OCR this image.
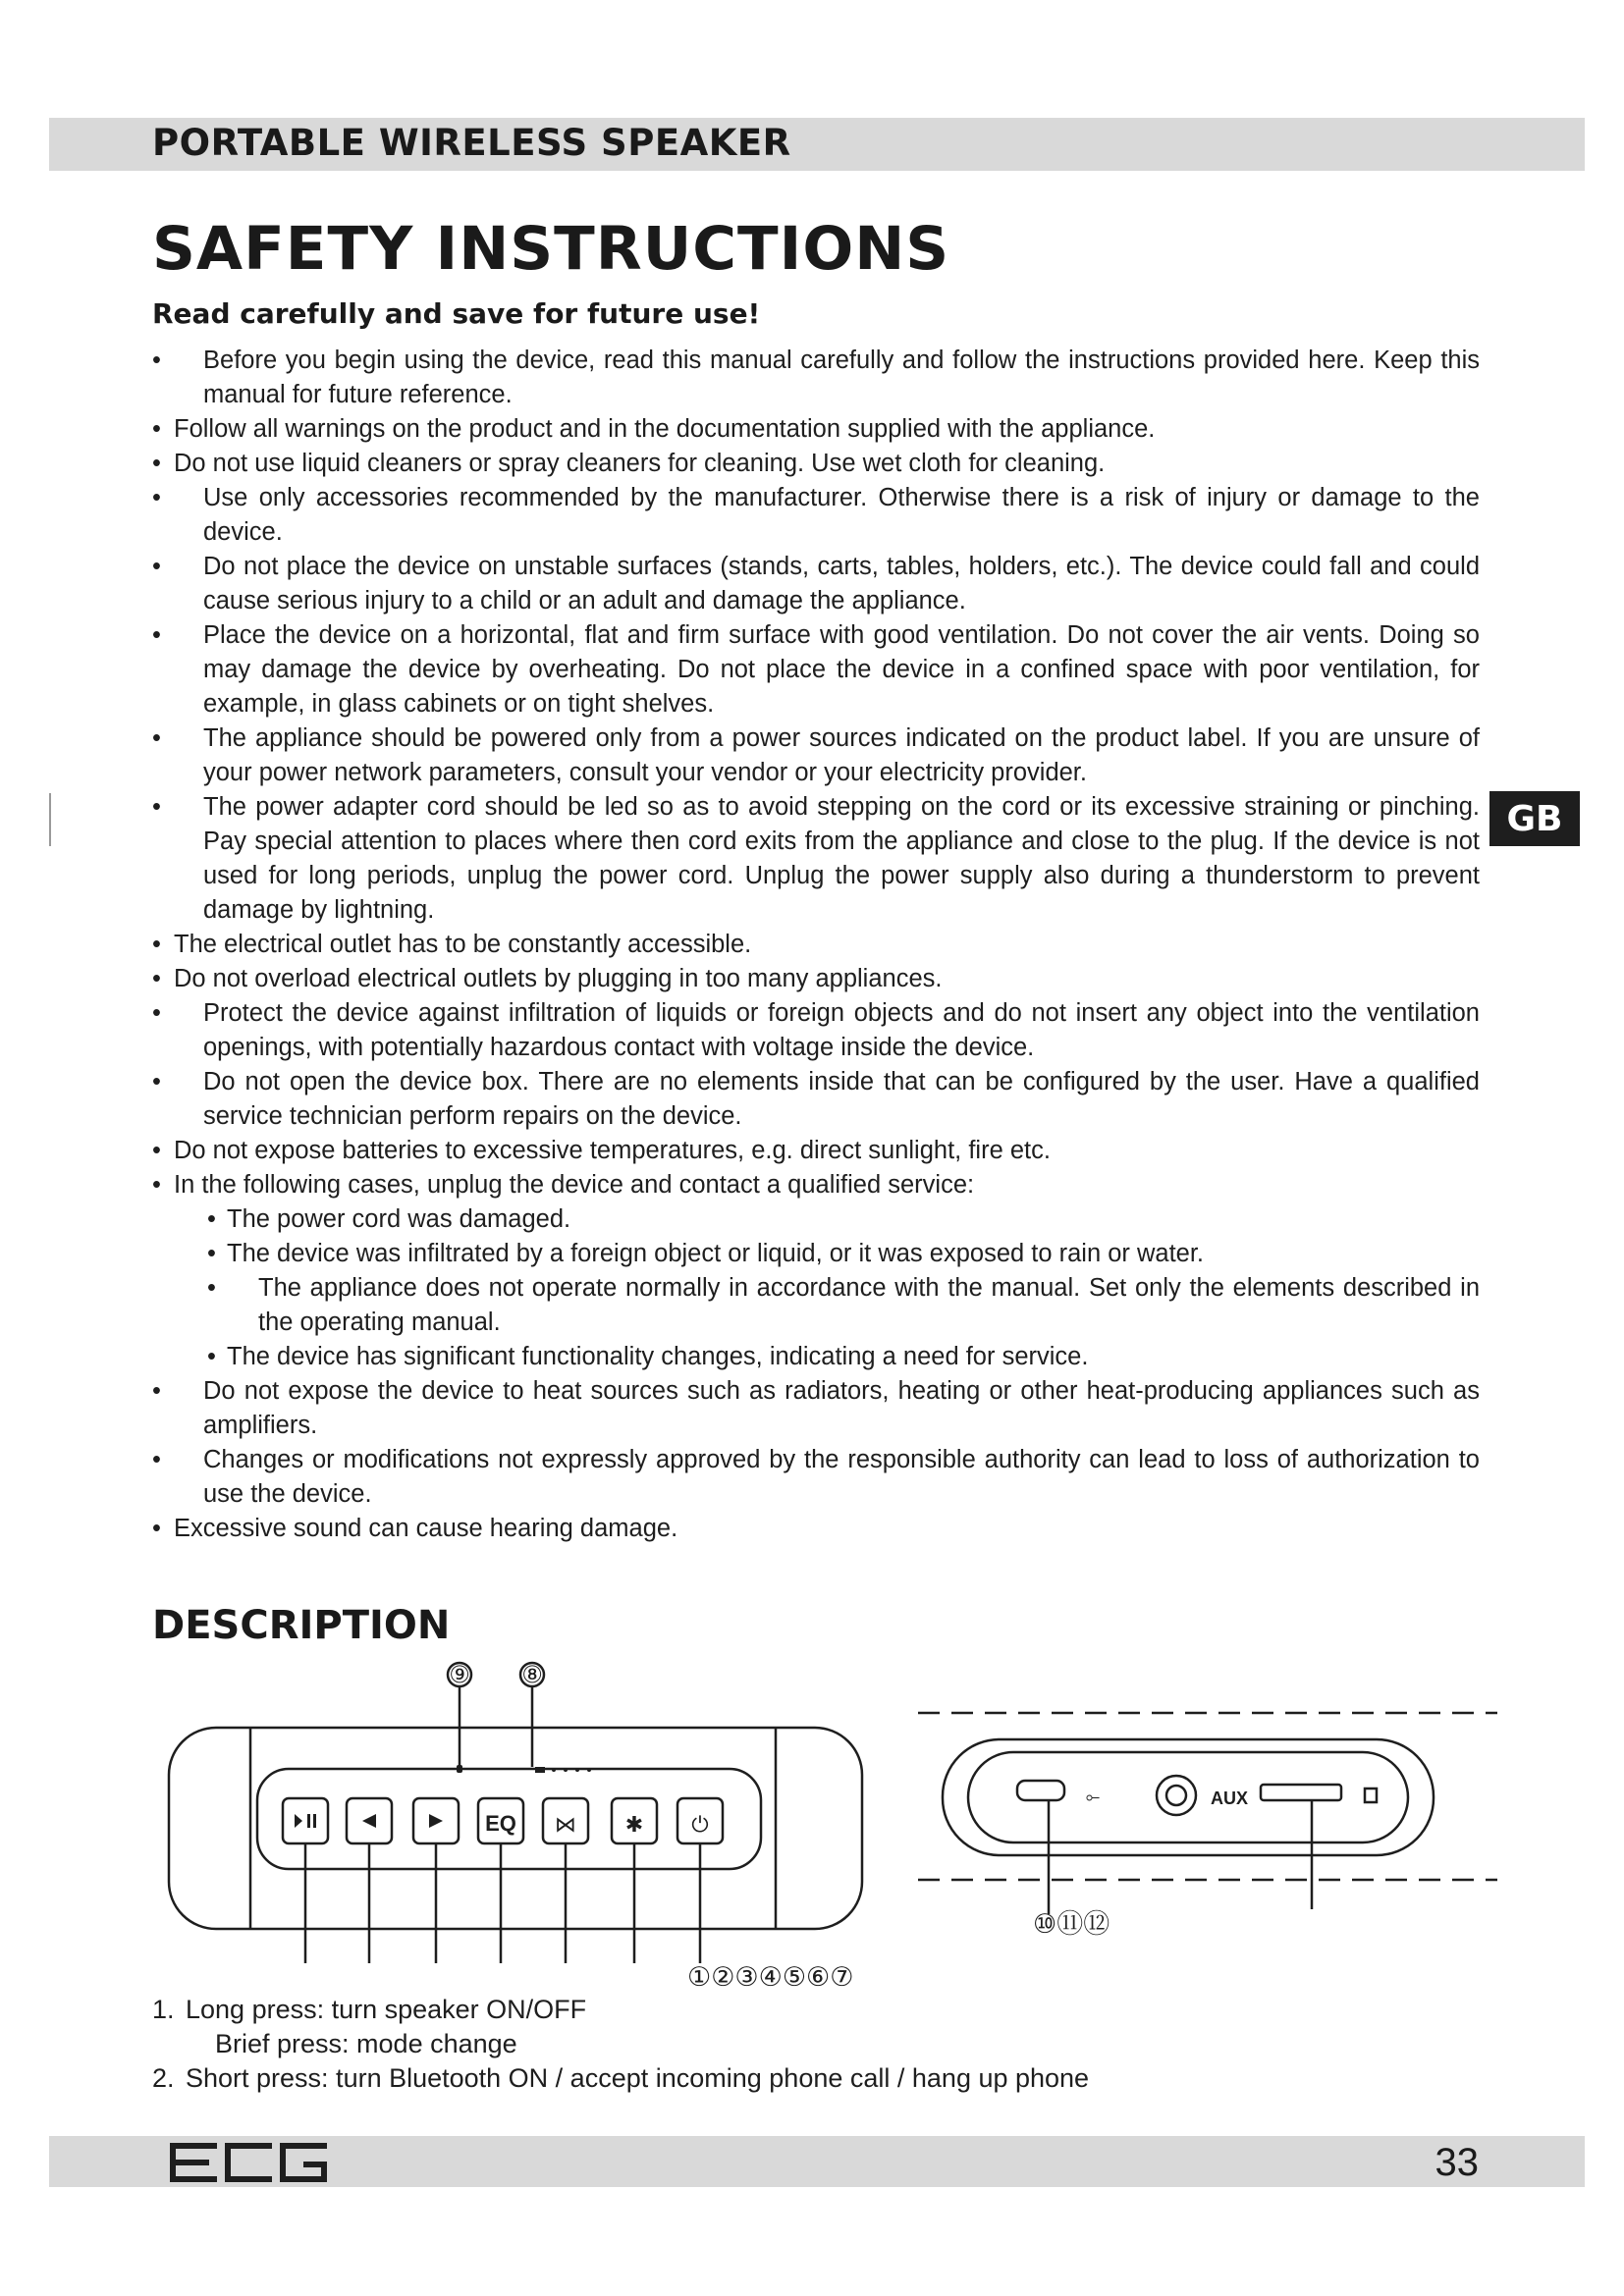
PORTABLE WIRELESS SPEAKER
SAFETY INSTRUCTIONS

Read carefully and save for future use!

• Before you begin using the device, read this manual carefully and follow the instructions provided here. Keep this manual for future reference.
• Follow all warnings on the product and in the documentation supplied with the appliance.
• Do not use liquid cleaners or spray cleaners for cleaning. Use wet cloth for cleaning.
• Use only accessories recommended by the manufacturer. Otherwise there is a risk of injury or damage to the device.
• Do not place the device on unstable surfaces (stands, carts, tables, holders, etc.). The device could fall and could cause serious injury to a child or an adult and damage the appliance.
• Place the device on a horizontal, flat and firm surface with good ventilation. Do not cover the air vents. Doing so may damage the device by overheating. Do not place the device in a confined space with poor ventilation, for example, in glass cabinets or on tight shelves.
• The appliance should be powered only from a power sources indicated on the product label. If you are unsure of your power network parameters, consult your vendor or your electricity provider.
• The power adapter cord should be led so as to avoid stepping on the cord or its excessive straining or pinching. Pay special attention to places where then cord exits from the appliance and close to the plug. If the device is not used for long periods, unplug the power cord. Unplug the power supply also during a thunderstorm to prevent damage by lightning.
• The electrical outlet has to be constantly accessible.
• Do not overload electrical outlets by plugging in too many appliances.
• Protect the device against infiltration of liquids or foreign objects and do not insert any object into the ventilation openings, with potentially hazardous contact with voltage inside the device.
• Do not open the device box. There are no elements inside that can be configured by the user. Have a qualified service technician perform repairs on the device.
• Do not expose batteries to excessive temperatures, e.g. direct sunlight, fire etc.
• In the following cases, unplug the device and contact a qualified service:
• The power cord was damaged.
• The device was infiltrated by a foreign object or liquid, or it was exposed to rain or water.
• The appliance does not operate normally in accordance with the manual. Set only the elements described in the operating manual.
• The device has significant functionality changes, indicating a need for service.
• Do not expose the device to heat sources such as radiators, heating or other heat-producing appliances such as amplifiers.
• Changes or modifications not expressly approved by the responsible authority can lead to loss of authorization to use the device.
• Excessive sound can cause hearing damage.
GB
DESCRIPTION
EQ ⋈ ✱ ⏻
⟜	AUX
⑨ ⑧
①②③④⑤⑥⑦
⑩⑪⑫
1. Long press: turn speaker ON/OFF
Brief press: mode change
2. Short press: turn Bluetooth ON / accept incoming phone call / hang up phone
33
